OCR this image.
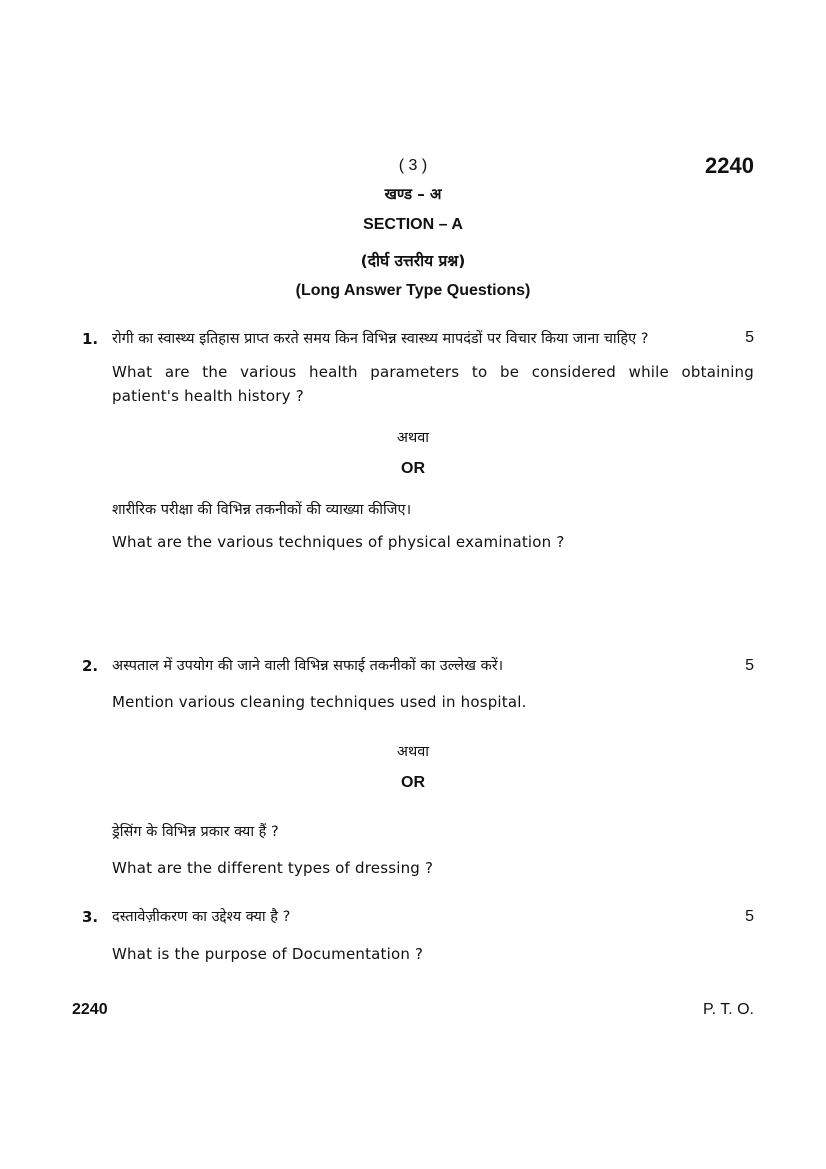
( 3 )	2240
खण्ड – अ
SECTION – A
(दीर्घ उत्तरीय प्रश्न)
(Long Answer Type Questions)
1. रोगी का स्वास्थ्य इतिहास प्राप्त करते समय किन विभिन्न स्वास्थ्य मापदंडों पर विचार किया जाना चाहिए ?	5
What are the various health parameters to be considered while obtaining
patient's health history ?
अथवा
OR
शारीरिक परीक्षा की विभिन्न तकनीकों की व्याख्या कीजिए।
What are the various techniques of physical examination ?
2. अस्पताल में उपयोग की जाने वाली विभिन्न सफाई तकनीकों का उल्लेख करें।	5
Mention various cleaning techniques used in hospital.
अथवा
OR
ड्रेसिंग के विभिन्न प्रकार क्या हैं ?
What are the different types of dressing ?
3. दस्तावेज़ीकरण का उद्देश्य क्या है ?	5
What is the purpose of Documentation ?
2240	P. T. O.
